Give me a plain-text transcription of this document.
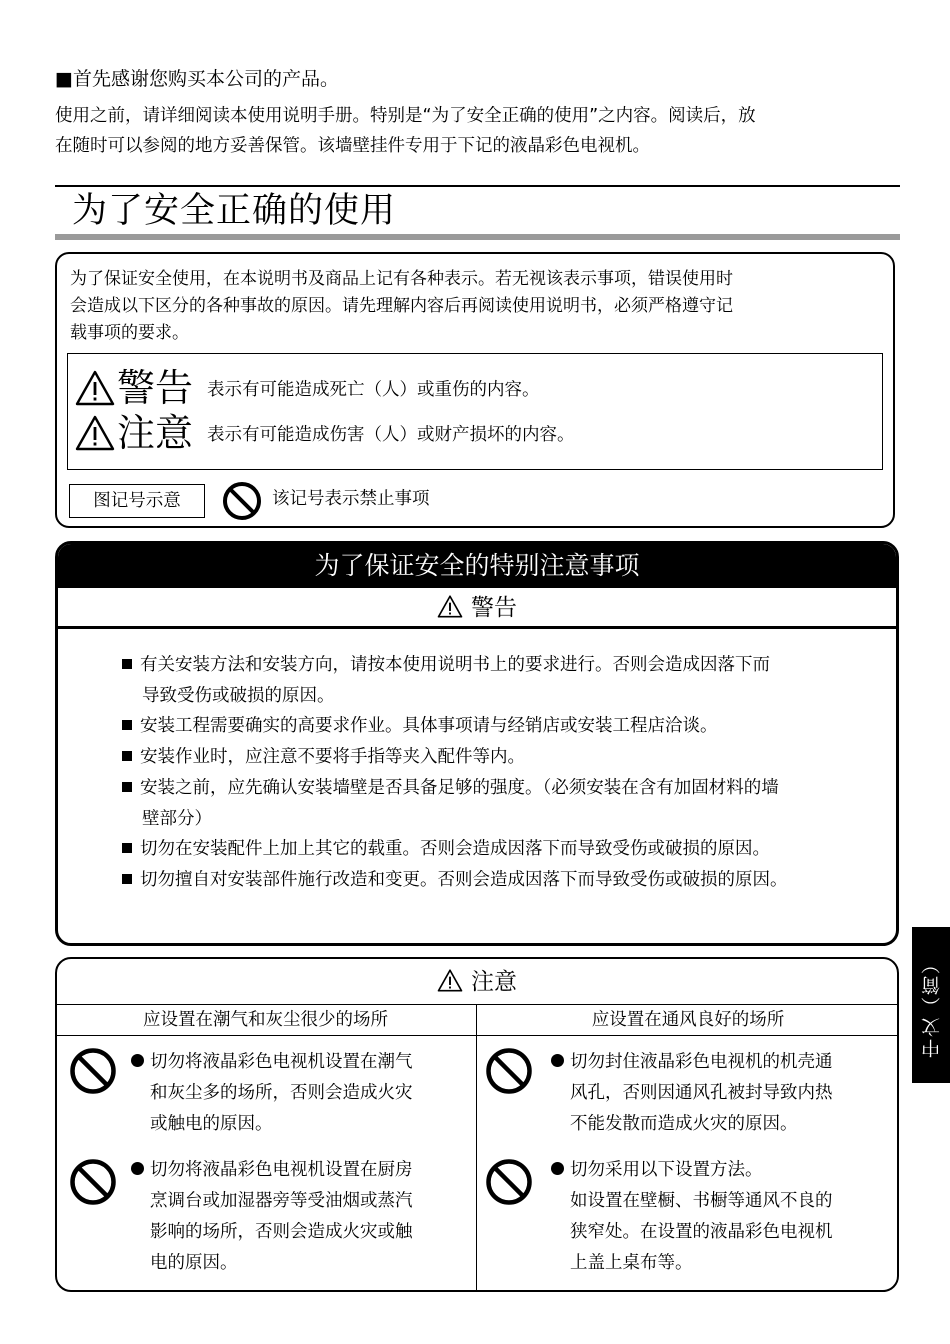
■首先感谢您购买本公司的产品。
使用之前，请详细阅读本使用说明手册。特别是“为了安全正确的使用”之内容。阅读后，放
在随时可以参阅的地方妥善保管。该墙壁挂件专用于下记的液晶彩色电视机。
为了安全正确的使用
为了保证安全使用，在本说明书及商品上记有各种表示。若无视该表示事项，错误使用时
会造成以下区分的各种事故的原因。请先理解内容后再阅读使用说明书，必须严格遵守记
载事项的要求。
警告 表示有可能造成死亡（人）或重伤的内容。
注意 表示有可能造成伤害（人）或财产损坏的内容。
图记号示意	该记号表示禁止事项
为了保证安全的特别注意事项
警告
有关安装方法和安装方向，请按本使用说明书上的要求进行。否则会造成因落下而
导致受伤或破损的原因。
安装工程需要确实的高要求作业。具体事项请与经销店或安装工程店洽谈。
安装作业时，应注意不要将手指等夹入配件等内。
安装之前，应先确认安装墙壁是否具备足够的强度。（必须安装在含有加固材料的墙
壁部分）
切勿在安装配件上加上其它的载重。否则会造成因落下而导致受伤或破损的原因。
切勿擅自对安装部件施行改造和变更。否则会造成因落下而导致受伤或破损的原因。
注意
应设置在潮气和灰尘很少的场所	应设置在通风良好的场所
切勿将液晶彩色电视机设置在潮气
和灰尘多的场所，否则会造成火灾
或触电的原因。
切勿将液晶彩色电视机设置在厨房
烹调台或加湿器旁等受油烟或蒸汽
影响的场所，否则会造成火灾或触
电的原因。
切勿封住液晶彩色电视机的机壳通
风孔，否则因通风孔被封导致内热
不能发散而造成火灾的原因。
切勿采用以下设置方法。
如设置在壁橱、书橱等通风不良的
狭窄处。在设置的液晶彩色电视机
上盖上桌布等。
中文（简）
